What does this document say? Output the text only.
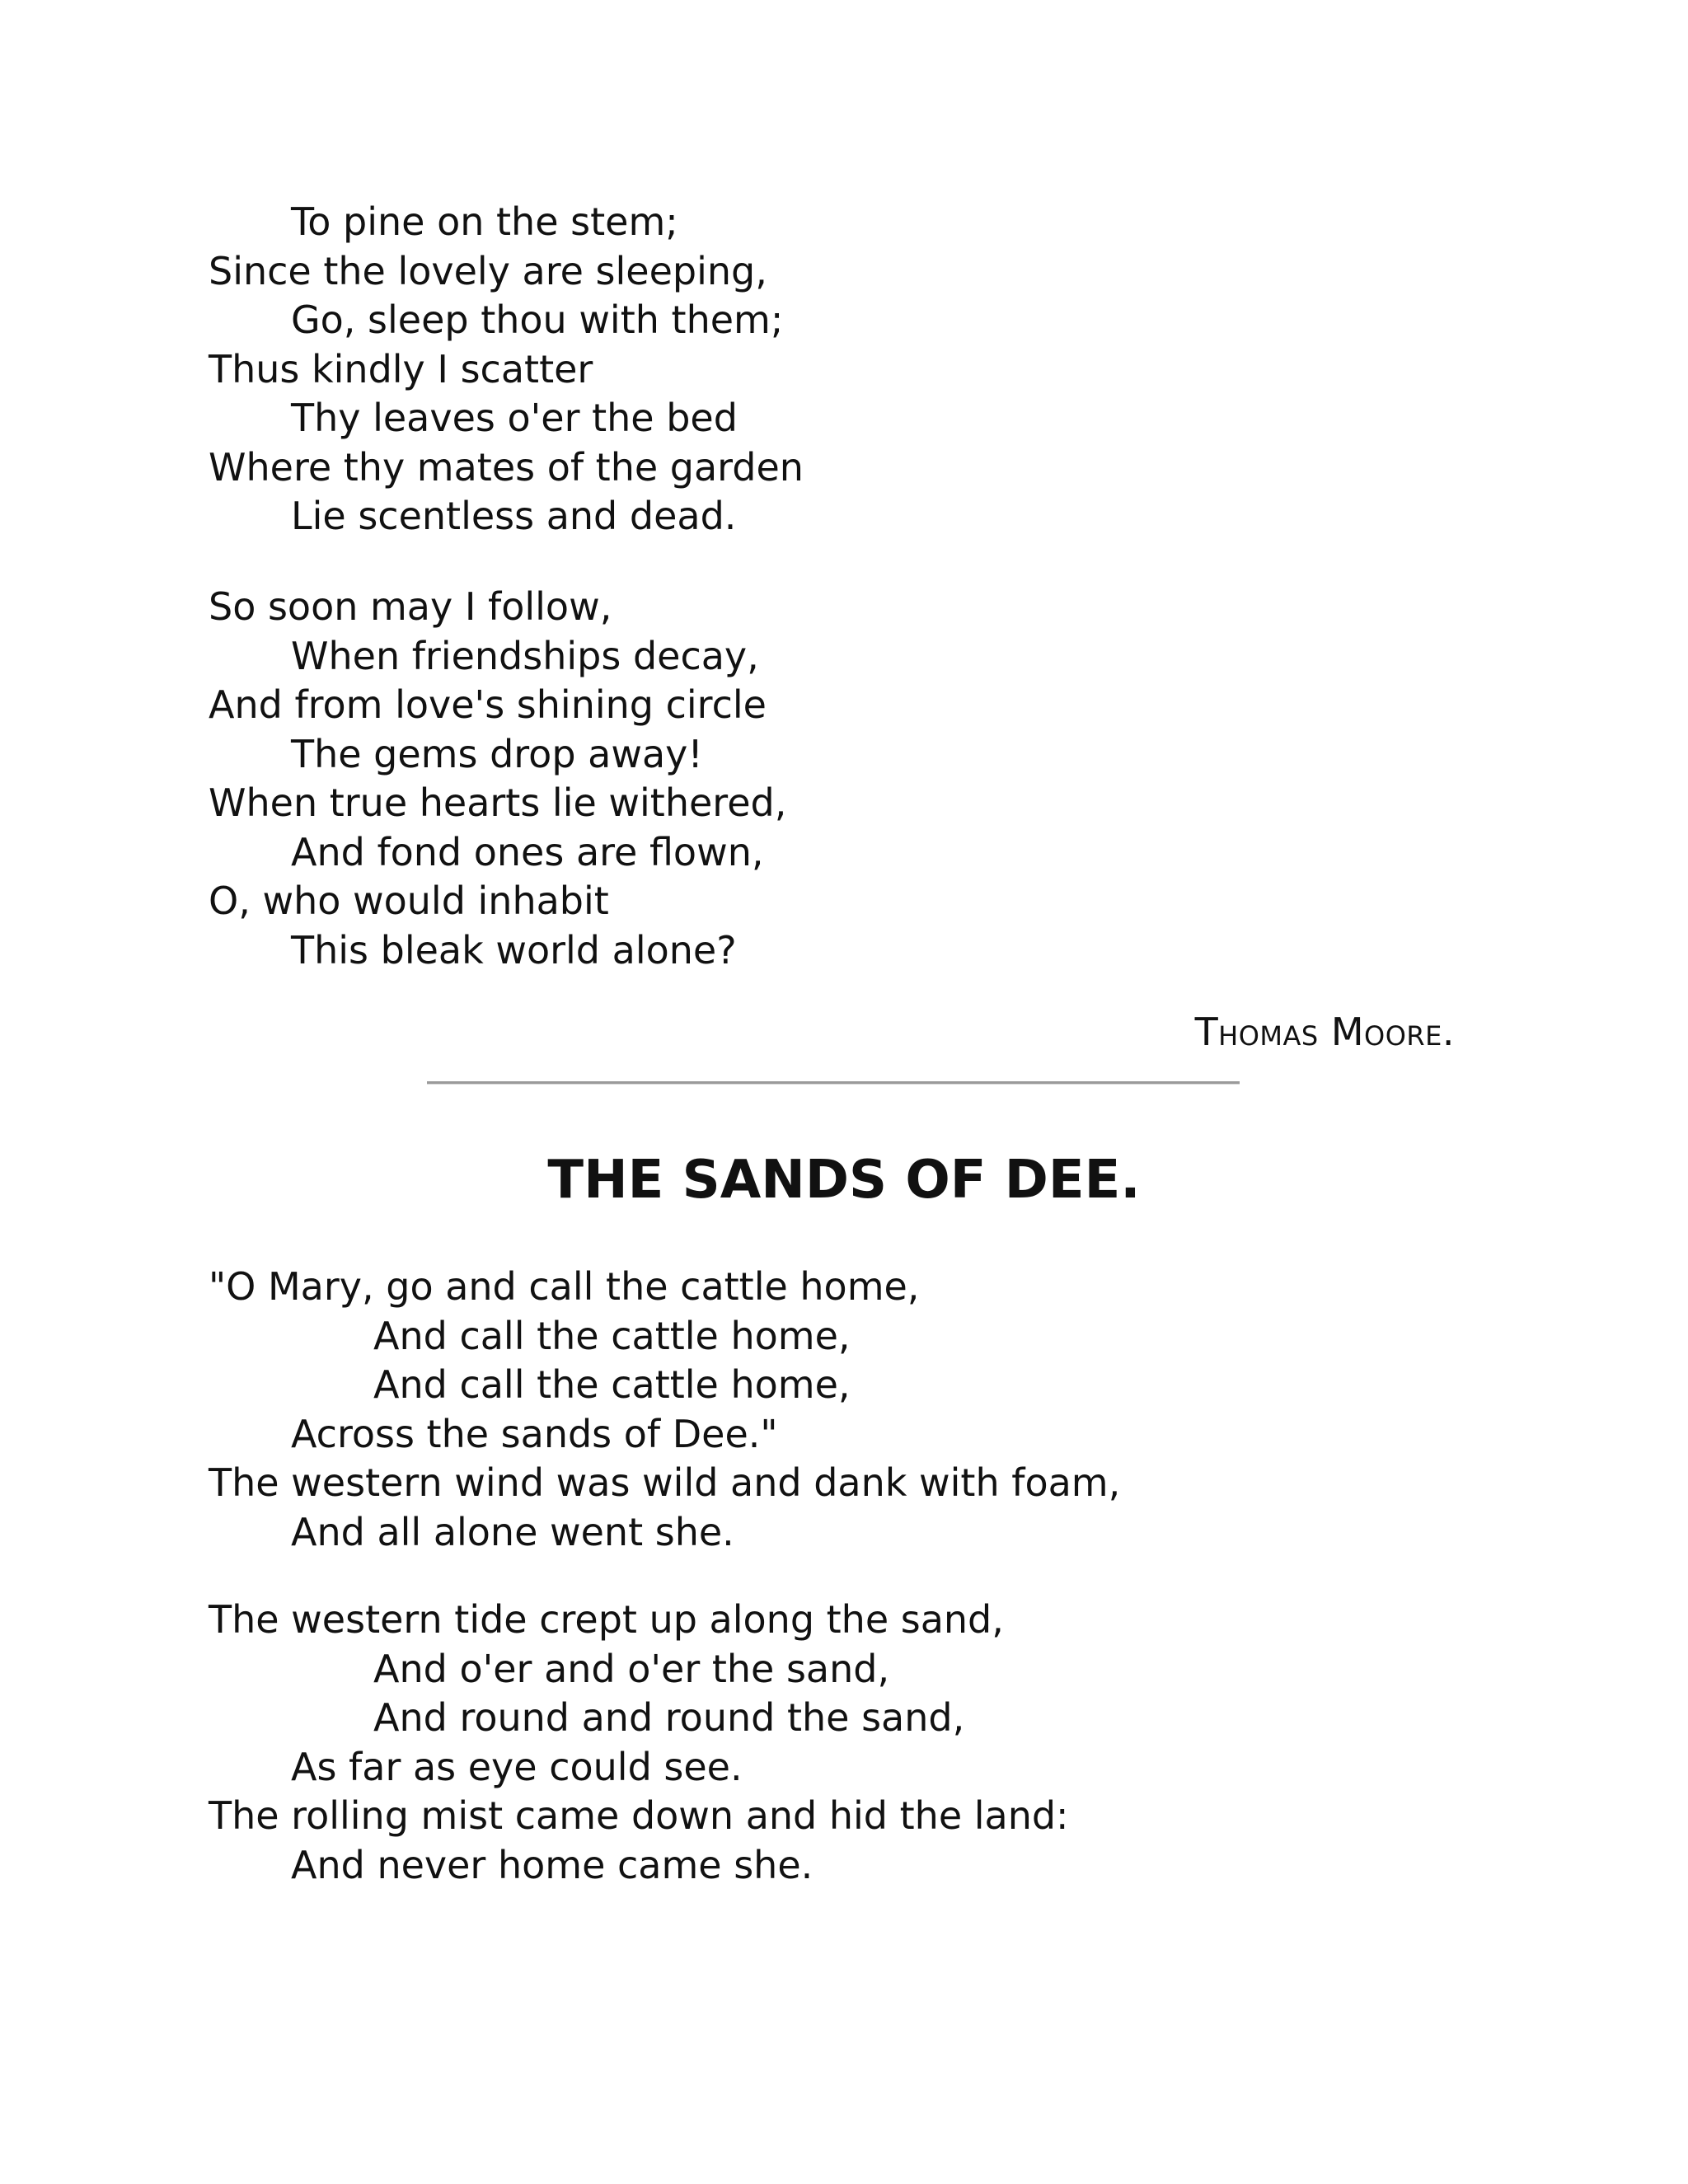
To pine on the stem;
Since the lovely are sleeping,
Go, sleep thou with them;
Thus kindly I scatter
Thy leaves o'er the bed
Where thy mates of the garden
Lie scentless and dead.
So soon may I follow,
When friendships decay,
And from love's shining circle
The gems drop away!
When true hearts lie withered,
And fond ones are flown,
O, who would inhabit
This bleak world alone?
Thomas Moore.
THE SANDS OF DEE.
"O Mary, go and call the cattle home,
And call the cattle home,
And call the cattle home,
Across the sands of Dee."
The western wind was wild and dank with foam,
And all alone went she.
The western tide crept up along the sand,
And o'er and o'er the sand,
And round and round the sand,
As far as eye could see.
The rolling mist came down and hid the land:
And never home came she.
